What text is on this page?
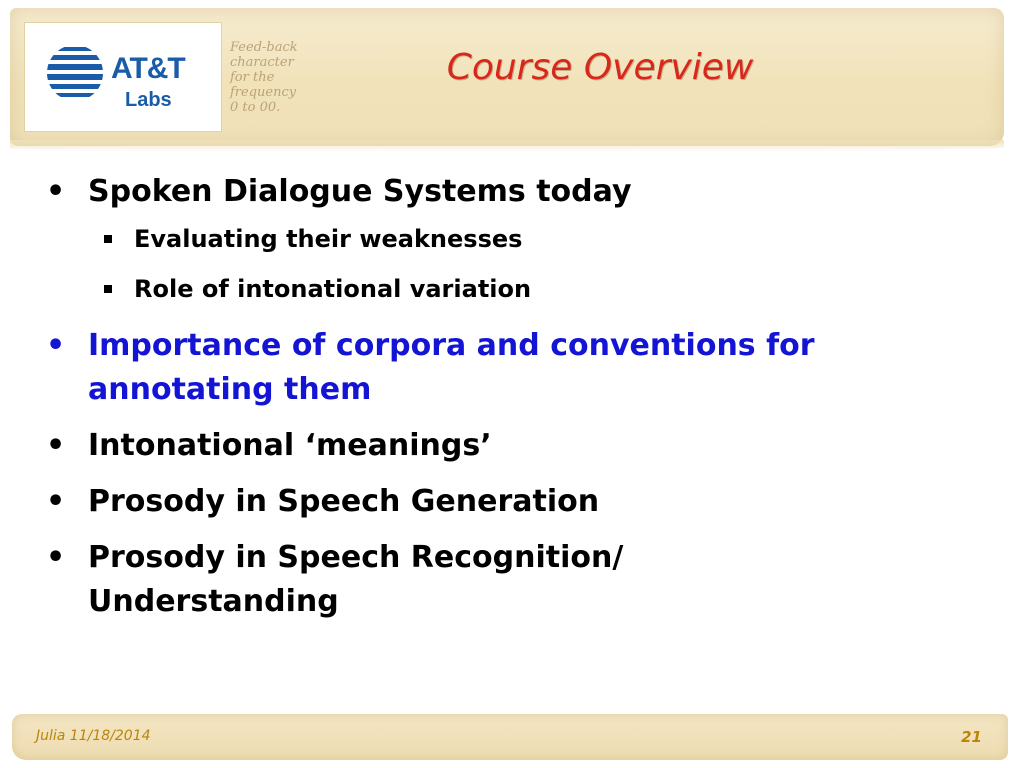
AT&T
Labs
Feed-back
character
for the
frequency
0 to 00.
Course Overview
• Spoken Dialogue Systems today
Evaluating their weaknesses
Role of intonational variation
• Importance of corpora and conventions for
annotating them
• Intonational ‘meanings’
• Prosody in Speech Generation
• Prosody in Speech Recognition/
Understanding
Julia 11/18/2014	21
